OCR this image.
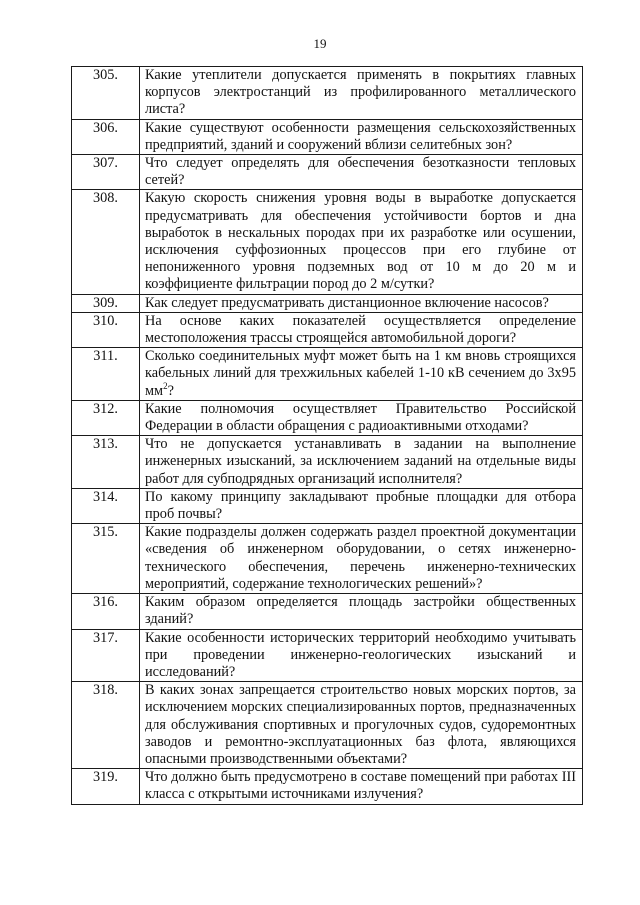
19
305.	Какие утеплители допускается применять в покрытиях главных корпусов электростанций из профилированного металлического листа?
306.	Какие существуют особенности размещения сельскохозяйственных предприятий, зданий и сооружений вблизи селитебных зон?
307.	Что следует определять для обеспечения безотказности тепловых сетей?
308.	Какую скорость снижения уровня воды в выработке допускается предусматривать для обеспечения устойчивости бортов и дна выработок в нескальных породах при их разработке или осушении, исключения суффозионных процессов при его глубине от непониженного уровня подземных вод от 10 м до 20 м и коэффициенте фильтрации пород до 2 м/сутки?
309.	Как следует предусматривать дистанционное включение насосов?
310.	На основе каких показателей осуществляется определение местоположения трассы строящейся автомобильной дороги?
311.	Сколько соединительных муфт может быть на 1 км вновь строящихся кабельных линий для трехжильных кабелей 1-10 кВ сечением до 3х95 $мм^2$?
312.	Какие полномочия осуществляет Правительство Российской Федерации в области обращения с радиоактивными отходами?
313.	Что не допускается устанавливать в задании на выполнение инженерных изысканий, за исключением заданий на отдельные виды работ для субподрядных организаций исполнителя?
314.	По какому принципу закладывают пробные площадки для отбора проб почвы?
315.	Какие подразделы должен содержать раздел проектной документации «сведения об инженерном оборудовании, о сетях инженерно-технического обеспечения, перечень инженерно-технических мероприятий, содержание технологических решений»?
316.	Каким образом определяется площадь застройки общественных зданий?
317.	Какие особенности исторических территорий необходимо учитывать при проведении инженерно-геологических изысканий и исследований?
318.	В каких зонах запрещается строительство новых морских портов, за исключением морских специализированных портов, предназначенных для обслуживания спортивных и прогулочных судов, судоремонтных заводов и ремонтно-эксплуатационных баз флота, являющихся опасными производственными объектами?
319.	Что должно быть предусмотрено в составе помещений при работах III класса с открытыми источниками излучения?
